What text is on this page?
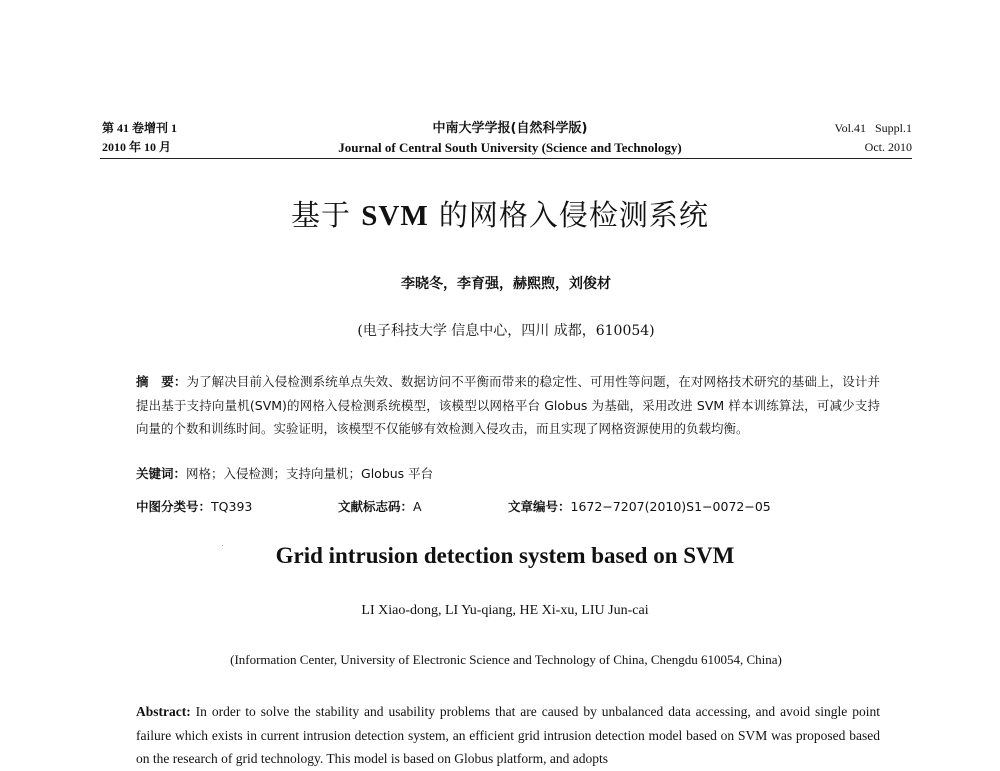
第 41 卷增刊 1
2010 年 10 月
中南大学学报(自然科学版)
Journal of Central South University (Science and Technology)
Vol.41   Suppl.1
Oct. 2010
基于 SVM 的网格入侵检测系统
李晓冬，李育强，赫熙煦，刘俊材
(电子科技大学 信息中心，四川 成都，610054)
摘　要：为了解决目前入侵检测系统单点失效、数据访问不平衡而带来的稳定性、可用性等问题，在对网格技术研究的基础上，设计并提出基于支持向量机(SVM)的网格入侵检测系统模型，该模型以网格平台 Globus 为基础，采用改进 SVM 样本训练算法，可减少支持向量的个数和训练时间。实验证明，该模型不仅能够有效检测入侵攻击，而且实现了网格资源使用的负载均衡。
关键词：网格；入侵检测；支持向量机；Globus 平台
中图分类号：TQ393	文献标志码：A	文章编号：1672−7207(2010)S1−0072−05
Grid intrusion detection system based on SVM
LI Xiao-dong, LI Yu-qiang, HE Xi-xu, LIU Jun-cai
(Information Center, University of Electronic Science and Technology of China, Chengdu 610054, China)
Abstract: In order to solve the stability and usability problems that are caused by unbalanced data accessing, and avoid single point failure which exists in current intrusion detection system, an efficient grid intrusion detection model based on SVM was proposed based on the research of grid technology. This model is based on Globus platform, and adopts
